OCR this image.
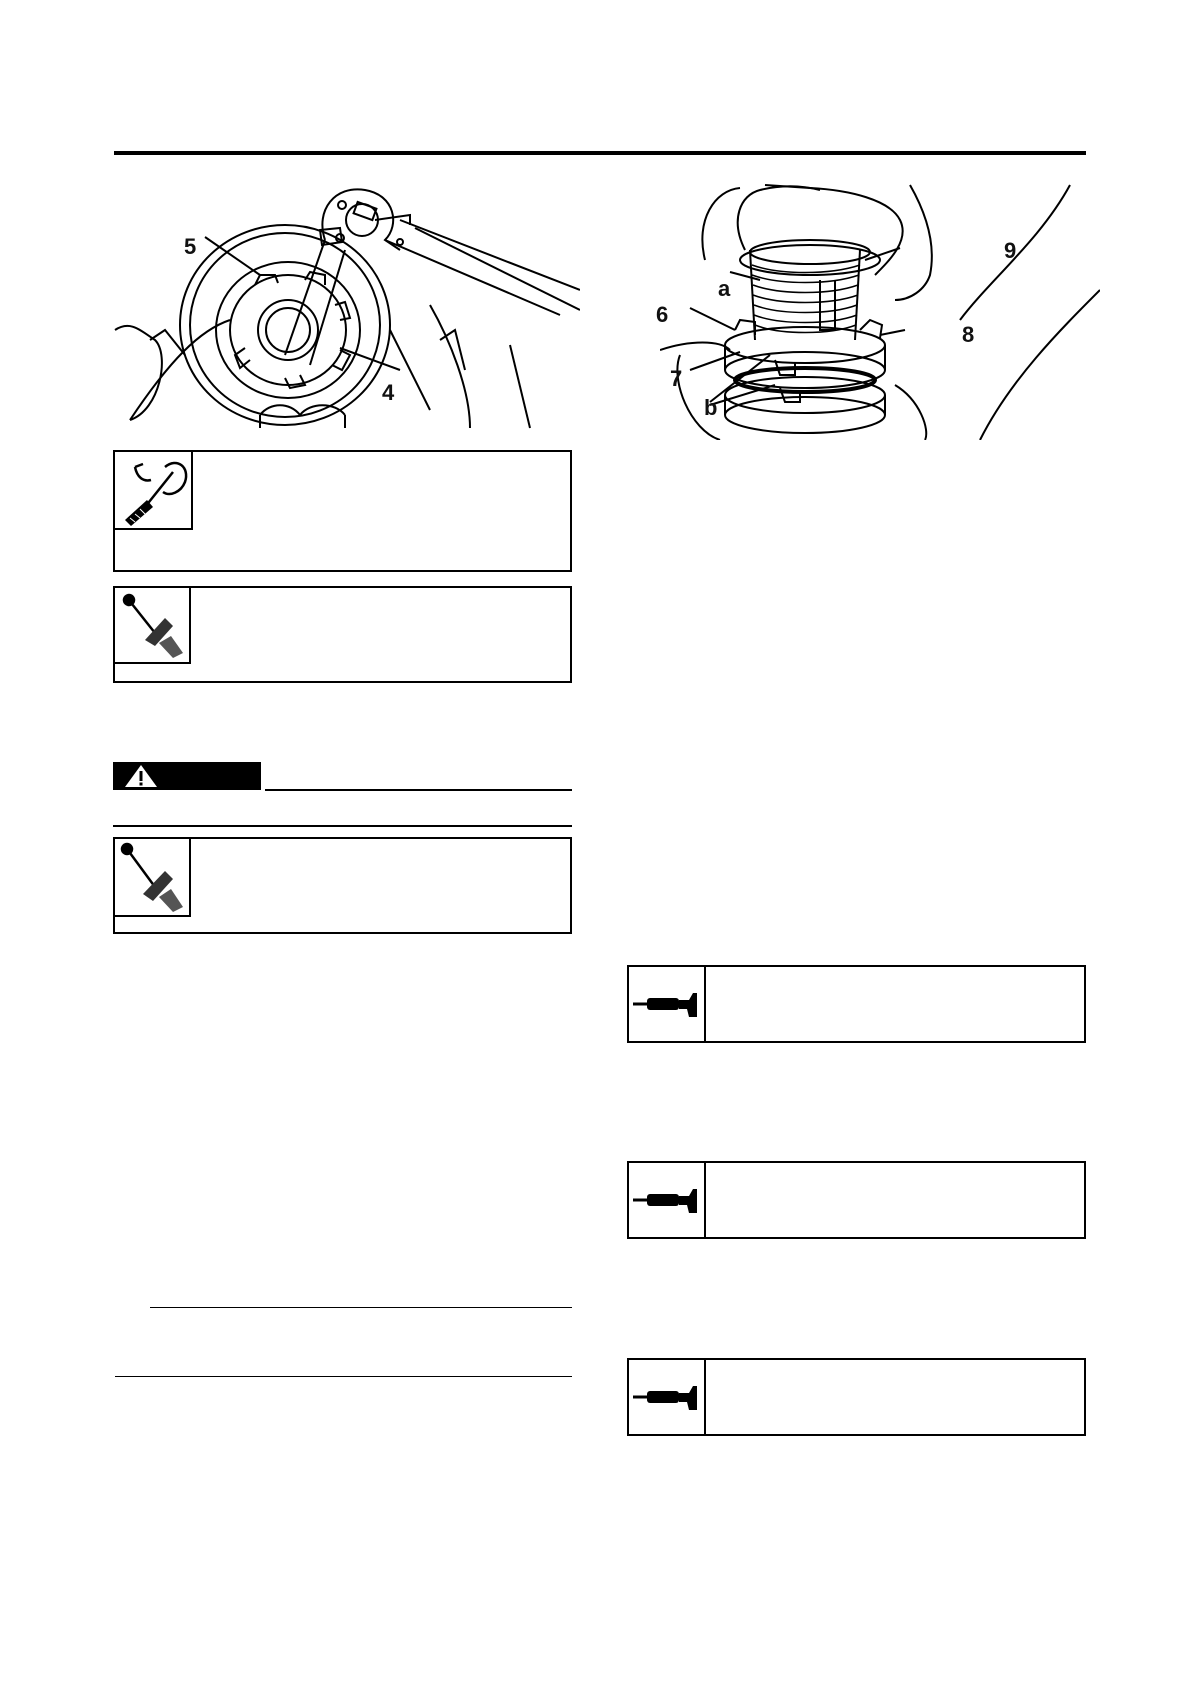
5
4
9
a
6
8
7
b
